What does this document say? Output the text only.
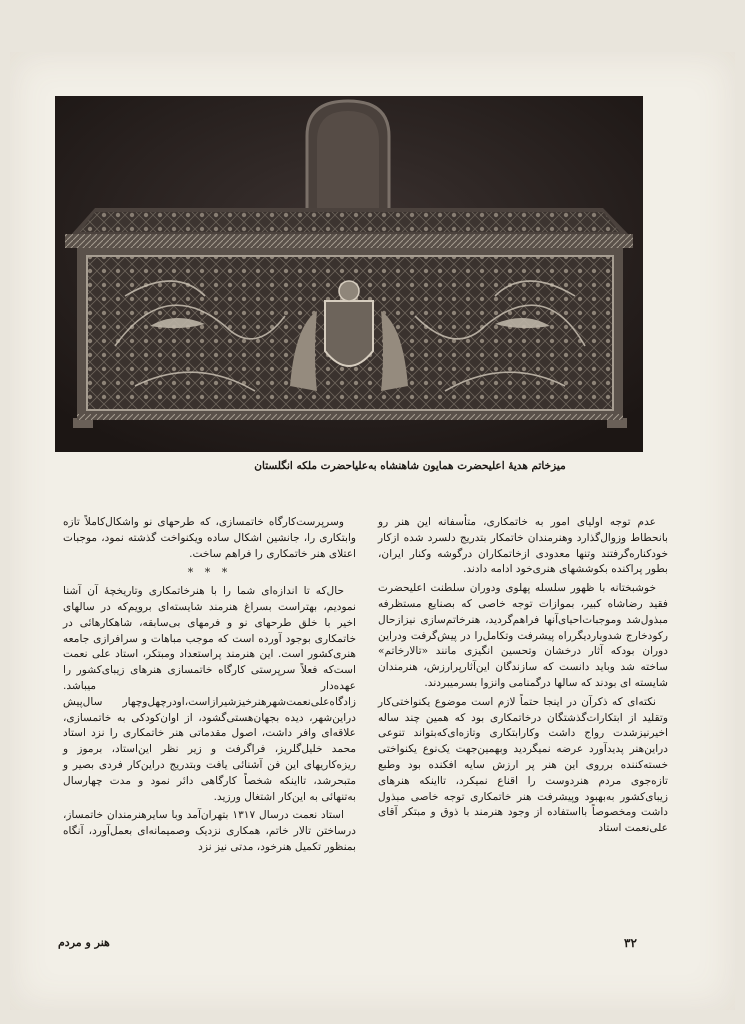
میزخاتم هدیهٔ اعلیحضرت همایون شاهنشاه به‌علیاحضرت ملکه انگلستان

عدم توجه اولیای امور به خاتمکاری، متأسفانه این هنر رو بانحطاط وزوال‌گذارد وهنرمندان خاتمکار بتدریج دلسرد شده ازکار خودکناره‌گرفتند وتنها معدودی ازخاتمکاران درگوشه وکنار ایران، بطور پراکنده بکوششهای هنری‌خود ادامه دادند.

خوشبختانه با ظهور سلسله پهلوی ودوران سلطنت اعلیحضرت فقید رضاشاه کبیر، بموازات توجه خاصی که بصنایع مستظرفه مبذول‌شد وموجبات‌احیای‌آنها فراهم‌گردید، هنرخاتم‌سازی نیزازحال رکودخارج شدوباردیگرراه پیشرفت وتکامل‌را در پیش‌گرفت ودراین دوران بودکه آثار درخشان وتحسین انگیزی مانند «تالارخاتم» ساخته شد وباید دانست که سازندگان این‌آثارپرارزش، هنرمندان شایسته ای بودند که سالها درگمنامی وانزوا بسرمیبردند.

نکته‌ای که ذکرآن در اینجا حتماً لازم است موضوع یکنواختی‌کار وتقلید از ابتکارات‌گذشتگان درخاتمکاری بود که همین چند ساله اخیرنیزشدت رواج داشت وکارابتکاری وتازه‌ای‌که‌بتواند تنوعی دراین‌هنر پدیدآورد عرضه نمیگردید وبهمین‌جهت یک‌نوع یکنواختی خسته‌کننده برروی این هنر پر ارزش سایه افکنده بود وطبع تازه‌جوی مردم هنردوست را اقناع نمیکرد، تااینکه هنرهای زیبای‌کشور به‌بهبود وپیشرفت هنر خاتمکاری توجه خاصی مبذول داشت ومخصوصاً بااستفاده از وجود هنرمند با ذوق و مبتکر آقای علی‌نعمت استاد

وسرپرست‌کارگاه خاتمسازی، که طرحهای نو واشکال‌کاملاً تازه وابتکاری را، جانشین اشکال ساده ویکنواخت گذشته نمود، موجبات اعتلای هنر خاتمکاری را فراهم ساخت.

* * *

حال‌که تا اندازه‌ای شما را با هنرخاتمکاری وتاریخچهٔ آن آشنا نمودیم، بهتراست بسراغ هنرمند شایسته‌ای برویم‌که در سالهای اخیر با خلق طرحهای نو و فرمهای بی‌سابقه، شاهکارهائی در خاتمکاری بوجود آورده است که موجب مباهات و سرافرازی جامعه هنری‌کشور است. این هنرمند پراستعداد ومبتکر، استاد علی نعمت است‌که فعلاً سرپرستی کارگاه خاتمسازی هنرهای زیبای‌کشور را عهده‌دار میباشد. زادگاه‌علی‌نعمت‌شهرهنرخیزشیرازاست،اودرچهل‌وچهار سال‌پیش دراین‌شهر، دیده بجهان‌هستی‌گشود، از اوان‌کودکی به خاتمسازی، علاقه‌ای وافر داشت، اصول مقدماتی هنر خاتمکاری را نزد استاد محمد خلیل‌گلریز، فراگرفت و زیر نظر این‌استاد، برموز و ریزه‌کاریهای این فن آشنائی یافت وبتدریج دراین‌کار فردی بصیر و متبحرشد، تااینکه شخصاً کارگاهی دائر نمود و مدت چهارسال به‌تنهائی به این‌کار اشتغال ورزید.

استاد نعمت درسال ۱۳۱۷ بتهران‌آمد وبا سایرهنرمندان خاتمساز، درساختن تالار خاتم، همکاری نزدیک وصمیمانه‌ای بعمل‌آورد، آنگاه بمنظور تکمیل هنرخود، مدتی نیز نزد

هنر و مردم	۳۲
